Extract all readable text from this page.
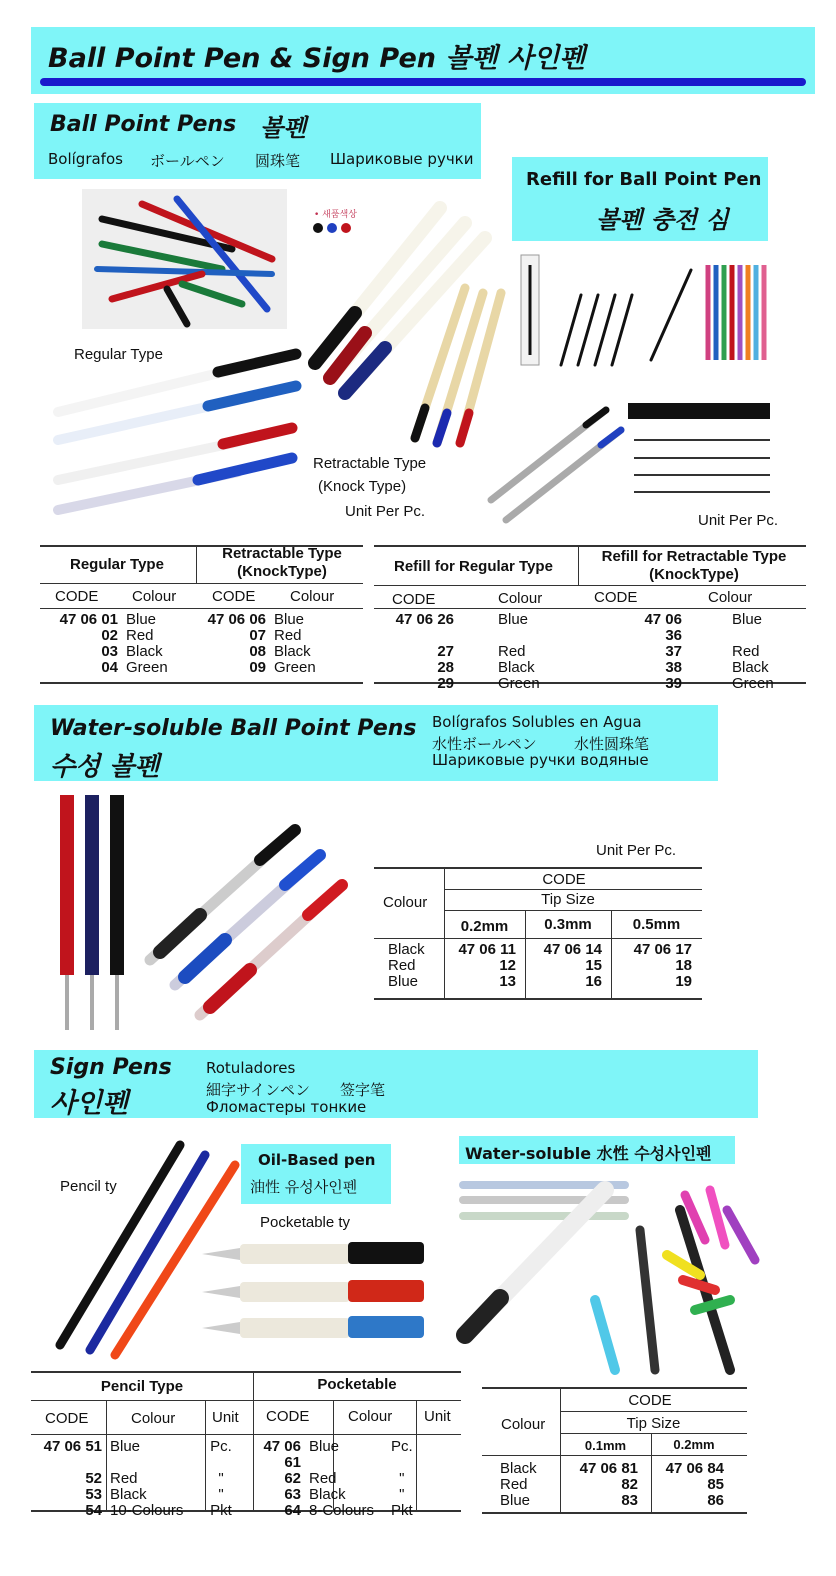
Ball Point Pen & Sign Pen 볼펜 사인펜
Ball Point Pens 볼펜
Bolígrafos ボールペン 圆珠笔 Шариковые ручки
Refill for Ball Point Pen
볼펜 충전 심
• 새품색상
Regular Type
Retractable Type
(Knock Type)
Unit Per Pc.
Unit Per Pc.
Regular Type
Retractable Type
(KnockType)
CODE Colour CODE Colour
47 06 01	Blue	47 06 06	Blue
02	Red	07	Red
03	Black	08	Black
04	Green	09	Green
Refill for Regular Type
Refill for Retractable Type
(KnockType)
CODE	Colour	CODE	Colour
47 06 26	Blue	47 06 36	Blue
27	Red	37	Red
28	Black	38	Black
29	Green	39	Green
Water-soluble Ball Point Pens
수성 볼펜
Bolígrafos Solubles en Agua
水性ボールペン 水性圆珠笔
Шариковые ручки водяные
Unit Per Pc.
Colour
CODE
Tip Size
0.2mm	0.3mm	0.5mm
Black	47 06 11	47 06 14	47 06 17
Red	12	15	18
Blue	13	16	19
Sign Pens
사인펜
Rotuladores
細字サインペン 签字笔
Фломастеры тонкие
Pencil ty
Oil-Based pen
油性 유성사인펜
Pocketable ty
Water-soluble 水性 수성사인펜
Pencil Type	Pocketable
CODE	Colour Unit CODE	Colour Unit
47 06 51	Blue	Pc.	47 06 61	Blue	Pc.
52	Red	"	62	Red	"
53	Black	"	63	Black	"
54	10-Colours	Pkt	64	8-Colours	Pkt
Colour
CODE
Tip Size
0.1mm	0.2mm
Black	47 06 81	47 06 84
Red	82	85
Blue	83	86
